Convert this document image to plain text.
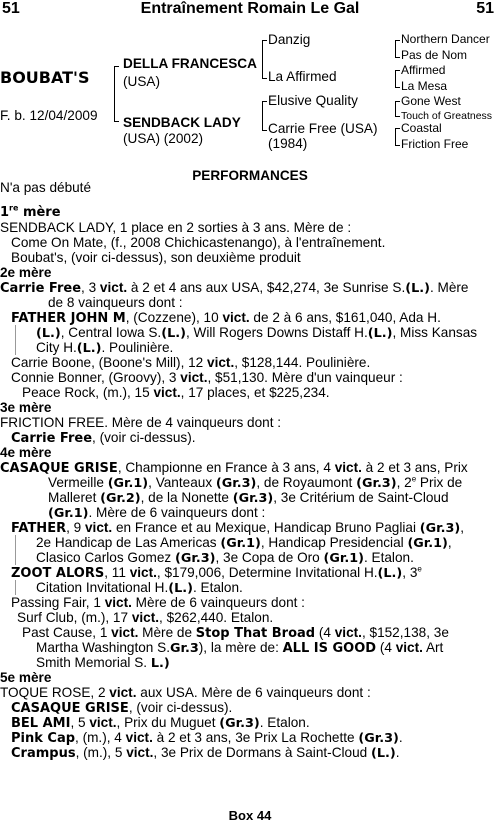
51	Entraînement Romain Le Gal	51
BOUBAT'S
F. b. 12/04/2009
DELLA FRANCESCA
(USA)
SENDBACK LADY
(USA) (2002)
Danzig
La Affirmed
Elusive Quality
Carrie Free (USA)
(1984)
Northern Dancer
Pas de Nom
Affirmed
La Mesa
Gone West
Touch of Greatness
Coastal
Friction Free
PERFORMANCES
N'a pas débuté
1re mère
SENDBACK LADY, 1 place en 2 sorties à 3 ans. Mère de :
Come On Mate, (f., 2008 Chichicastenango), à l'entraînement.
Boubat's, (voir ci-dessus), son deuxième produit
2e mère
Carrie Free, 3 vict. à 2 et 4 ans aux USA, $42,274, 3e Sunrise S.(L.). Mère
de 8 vainqueurs dont :
FATHER JOHN M, (Cozzene), 10 vict. de 2 à 6 ans, $161,040, Ada H.
(L.), Central Iowa S.(L.), Will Rogers Downs Distaff H.(L.), Miss Kansas
City H.(L.). Poulinière.
Carrie Boone, (Boone's Mill), 12 vict., $128,144. Poulinière.
Connie Bonner, (Groovy), 3 vict., $51,130. Mère d'un vainqueur :
Peace Rock, (m.), 15 vict., 17 places, et $225,234.
3e mère
FRICTION FREE. Mère de 4 vainqueurs dont :
Carrie Free, (voir ci-dessus).
4e mère
CASAQUE GRISE, Championne en France à 3 ans, 4 vict. à 2 et 3 ans, Prix
Vermeille (Gr.1), Vanteaux (Gr.3), de Royaumont (Gr.3), 2e Prix de
Malleret (Gr.2), de la Nonette (Gr.3), 3e Critérium de Saint-Cloud
(Gr.1). Mère de 6 vainqueurs dont :
FATHER, 9 vict. en France et au Mexique, Handicap Bruno Pagliai (Gr.3),
2e Handicap de Las Americas (Gr.1), Handicap Presidencial (Gr.1),
Clasico Carlos Gomez (Gr.3), 3e Copa de Oro (Gr.1). Etalon.
ZOOT ALORS, 11 vict., $179,006, Determine Invitational H.(L.), 3e
Citation Invitational H.(L.). Etalon.
Passing Fair, 1 vict. Mère de 6 vainqueurs dont :
Surf Club, (m.), 17 vict., $262,440. Etalon.
Past Cause, 1 vict. Mère de Stop That Broad (4 vict., $152,138, 3e
Martha Washington S.Gr.3), la mère de: ALL IS GOOD (4 vict. Art
Smith Memorial S. L.)
5e mère
TOQUE ROSE, 2 vict. aux USA. Mère de 6 vainqueurs dont :
CASAQUE GRISE, (voir ci-dessus).
BEL AMI, 5 vict., Prix du Muguet (Gr.3). Etalon.
Pink Cap, (m.), 4 vict. à 2 et 3 ans, 3e Prix La Rochette (Gr.3).
Crampus, (m.), 5 vict., 3e Prix de Dormans à Saint-Cloud (L.).
Box 44
